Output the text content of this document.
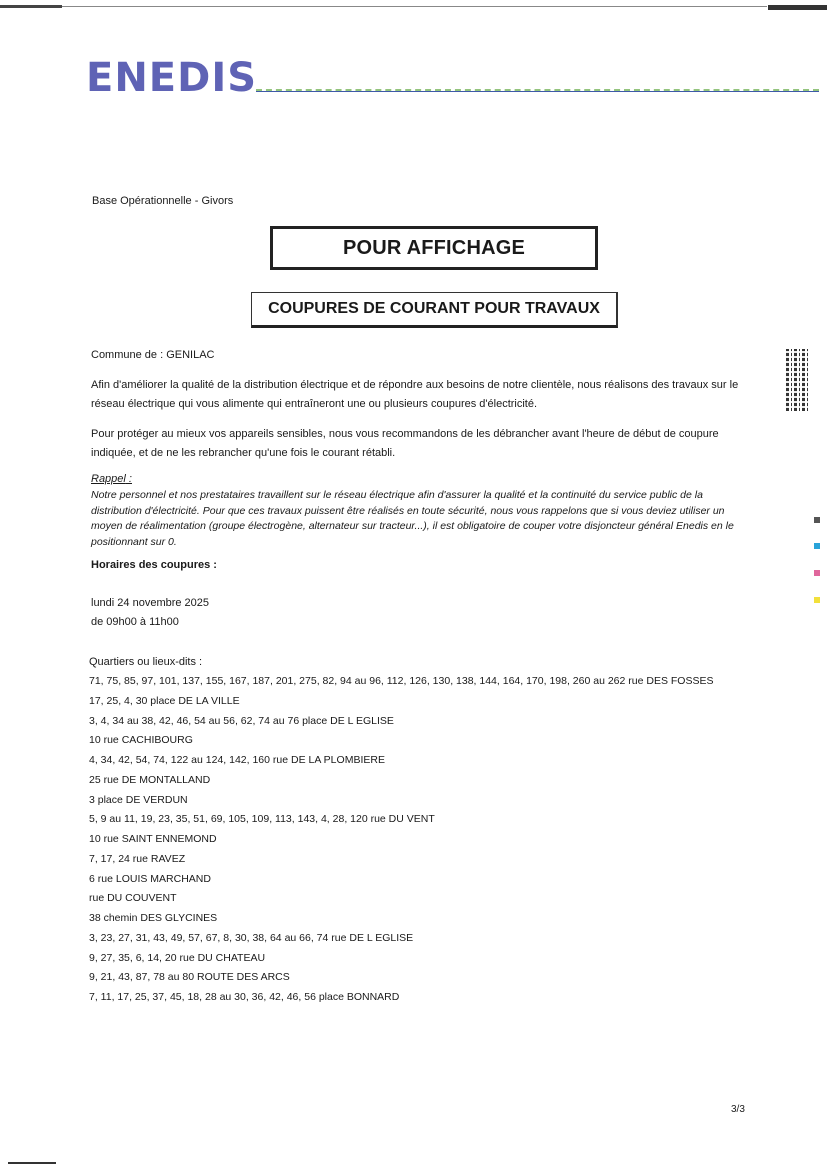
ENEDIS
Base Opérationnelle - Givors
POUR AFFICHAGE
COUPURES DE COURANT POUR TRAVAUX
Commune de : GENILAC
Afin d'améliorer la qualité de la distribution électrique et de répondre aux besoins de notre clientèle, nous réalisons des travaux sur le réseau électrique qui vous alimente qui entraîneront une ou plusieurs coupures d'électricité.
Pour protéger au mieux vos appareils sensibles, nous vous recommandons de les débrancher avant l'heure de début de coupure indiquée, et de ne les rebrancher qu'une fois le courant rétabli.
Rappel :
Notre personnel et nos prestataires travaillent sur le réseau électrique afin d'assurer la qualité et la continuité du service public de la distribution d'électricité. Pour que ces travaux puissent être réalisés en toute sécurité, nous vous rappelons que si vous deviez utiliser un moyen de réalimentation (groupe électrogène, alternateur sur tracteur...), il est obligatoire de couper votre disjoncteur général Enedis en le positionnant sur 0.
Horaires des coupures :
lundi 24 novembre 2025
de 09h00 à 11h00
Quartiers ou lieux-dits :
71, 75, 85, 97, 101, 137, 155, 167, 187, 201, 275, 82, 94 au 96, 112, 126, 130, 138, 144, 164, 170, 198, 260 au 262 rue DES FOSSES
17, 25, 4, 30 place DE LA VILLE
3, 4, 34 au 38, 42, 46, 54 au 56, 62, 74 au 76 place DE L EGLISE
10 rue CACHIBOURG
4, 34, 42, 54, 74, 122 au 124, 142, 160 rue DE LA PLOMBIERE
25 rue DE MONTALLAND
3 place DE VERDUN
5, 9 au 11, 19, 23, 35, 51, 69, 105, 109, 113, 143, 4, 28, 120 rue DU VENT
10 rue SAINT ENNEMOND
7, 17, 24 rue RAVEZ
6 rue LOUIS MARCHAND
rue DU COUVENT
38 chemin DES GLYCINES
3, 23, 27, 31, 43, 49, 57, 67, 8, 30, 38, 64 au 66, 74 rue DE L EGLISE
9, 27, 35, 6, 14, 20 rue DU CHATEAU
9, 21, 43, 87, 78 au 80 ROUTE DES ARCS
7, 11, 17, 25, 37, 45, 18, 28 au 30, 36, 42, 46, 56 place BONNARD
3/3
